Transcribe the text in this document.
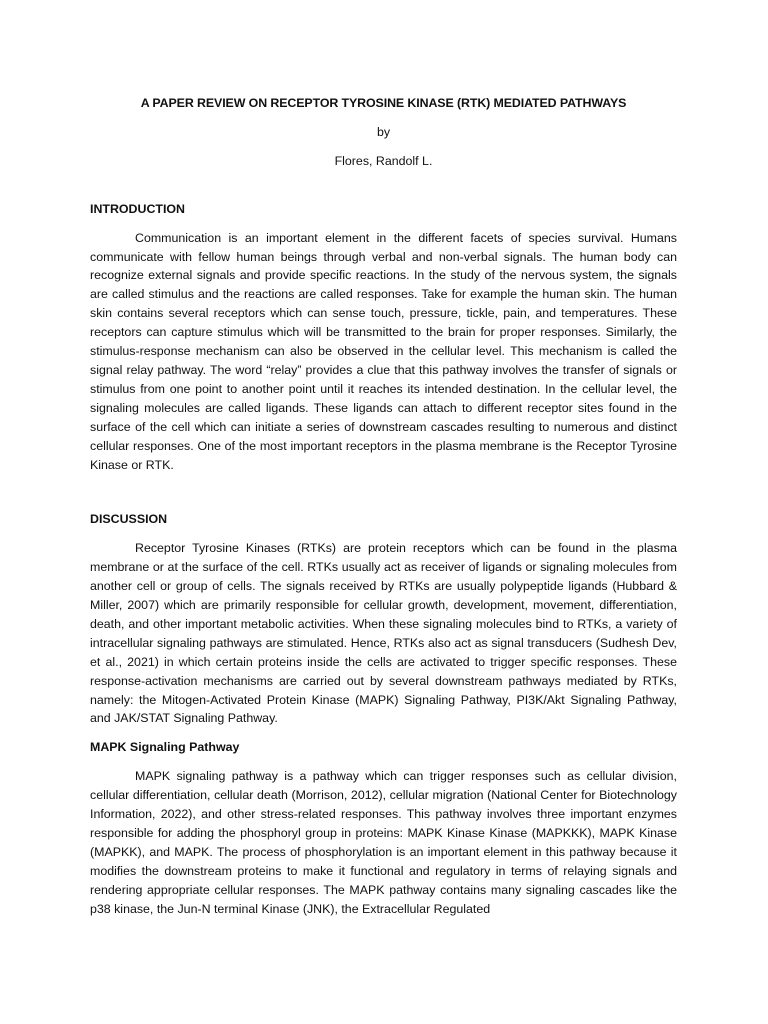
A PAPER REVIEW ON RECEPTOR TYROSINE KINASE (RTK) MEDIATED PATHWAYS

by

Flores, Randolf L.

INTRODUCTION

Communication is an important element in the different facets of species survival. Humans communicate with fellow human beings through verbal and non-verbal signals. The human body can recognize external signals and provide specific reactions. In the study of the nervous system, the signals are called stimulus and the reactions are called responses. Take for example the human skin. The human skin contains several receptors which can sense touch, pressure, tickle, pain, and temperatures. These receptors can capture stimulus which will be transmitted to the brain for proper responses. Similarly, the stimulus-response mechanism can also be observed in the cellular level. This mechanism is called the signal relay pathway. The word “relay” provides a clue that this pathway involves the transfer of signals or stimulus from one point to another point until it reaches its intended destination. In the cellular level, the signaling molecules are called ligands. These ligands can attach to different receptor sites found in the surface of the cell which can initiate a series of downstream cascades resulting to numerous and distinct cellular responses. One of the most important receptors in the plasma membrane is the Receptor Tyrosine Kinase or RTK.

DISCUSSION

Receptor Tyrosine Kinases (RTKs) are protein receptors which can be found in the plasma membrane or at the surface of the cell. RTKs usually act as receiver of ligands or signaling molecules from another cell or group of cells. The signals received by RTKs are usually polypeptide ligands (Hubbard & Miller, 2007) which are primarily responsible for cellular growth, development, movement, differentiation, death, and other important metabolic activities. When these signaling molecules bind to RTKs, a variety of intracellular signaling pathways are stimulated. Hence, RTKs also act as signal transducers (Sudhesh Dev, et al., 2021) in which certain proteins inside the cells are activated to trigger specific responses. These response-activation mechanisms are carried out by several downstream pathways mediated by RTKs, namely: the Mitogen-Activated Protein Kinase (MAPK) Signaling Pathway, PI3K/Akt Signaling Pathway, and JAK/STAT Signaling Pathway.

MAPK Signaling Pathway

MAPK signaling pathway is a pathway which can trigger responses such as cellular division, cellular differentiation, cellular death (Morrison, 2012), cellular migration (National Center for Biotechnology Information, 2022), and other stress-related responses. This pathway involves three important enzymes responsible for adding the phosphoryl group in proteins: MAPK Kinase Kinase (MAPKKK), MAPK Kinase (MAPKK), and MAPK. The process of phosphorylation is an important element in this pathway because it modifies the downstream proteins to make it functional and regulatory in terms of relaying signals and rendering appropriate cellular responses. The MAPK pathway contains many signaling cascades like the p38 kinase, the Jun-N terminal Kinase (JNK), the Extracellular Regulated
